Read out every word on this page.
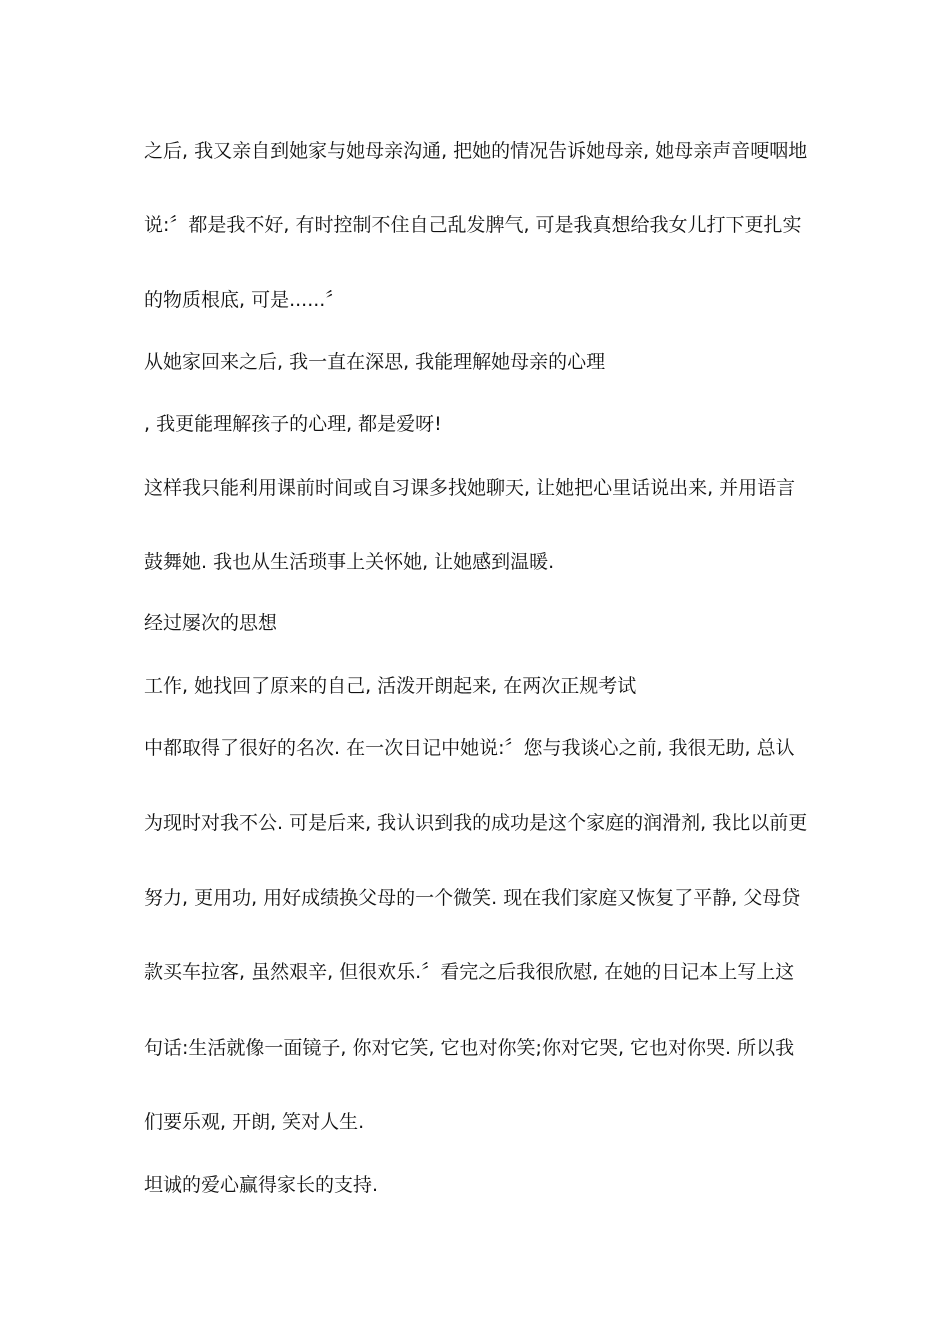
之后, 我又亲自到她家与她母亲沟通, 把她的情况告诉她母亲, 她母亲声音哽咽地
说:〞都是我不好, 有时控制不住自己乱发脾气, 可是我真想给我女儿打下更扎实
的物质根底, 可是......〞
从她家回来之后, 我一直在深思, 我能理解她母亲的心理
, 我更能理解孩子的心理, 都是爱呀!
这样我只能利用课前时间或自习课多找她聊天, 让她把心里话说出来, 并用语言
鼓舞她. 我也从生活琐事上关怀她, 让她感到温暖.
经过屡次的思想
工作, 她找回了原来的自己, 活泼开朗起来, 在两次正规考试
中都取得了很好的名次. 在一次日记中她说:〞您与我谈心之前, 我很无助, 总认
为现时对我不公. 可是后来, 我认识到我的成功是这个家庭的润滑剂, 我比以前更
努力, 更用功, 用好成绩换父母的一个微笑. 现在我们家庭又恢复了平静, 父母贷
款买车拉客, 虽然艰辛, 但很欢乐.〞看完之后我很欣慰, 在她的日记本上写上这
句话:生活就像一面镜子, 你对它笑, 它也对你笑;你对它哭, 它也对你哭. 所以我
们要乐观, 开朗, 笑对人生.
坦诚的爱心赢得家长的支持.
